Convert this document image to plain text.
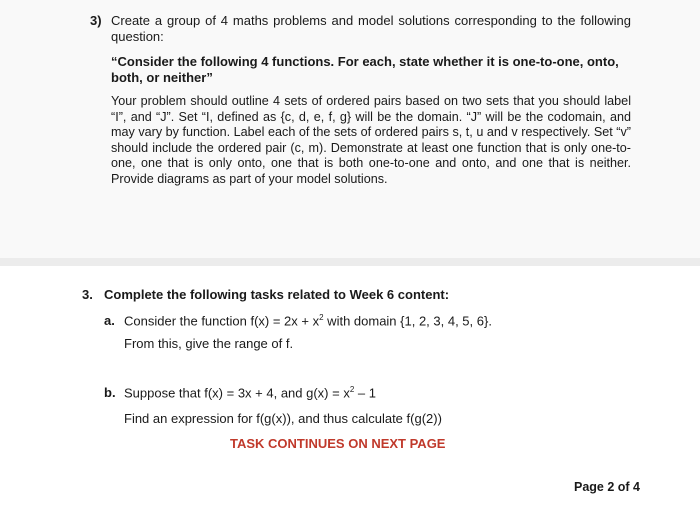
3) Create a group of 4 maths problems and model solutions corresponding to the following question:
“Consider the following 4 functions. For each, state whether it is one-to-one, onto, both, or neither”
Your problem should outline 4 sets of ordered pairs based on two sets that you should label “I”, and “J”. Set “I, defined as {c, d, e, f, g} will be the domain. “J” will be the codomain, and may vary by function. Label each of the sets of ordered pairs s, t, u and v respectively. Set “v” should include the ordered pair (c, m). Demonstrate at least one function that is only one-to-one, one that is only onto, one that is both one-to-one and onto, and one that is neither. Provide diagrams as part of your model solutions.
3. Complete the following tasks related to Week 6 content:
a. Consider the function $f(x) = 2x + x^2$ with domain {1, 2, 3, 4, 5, 6}.
From this, give the range of f.
b. Suppose that f(x) = 3x + 4, and $g(x) = x^2 - 1$
Find an expression for f(g(x)), and thus calculate f(g(2))
TASK CONTINUES ON NEXT PAGE
Page 2 of 4
